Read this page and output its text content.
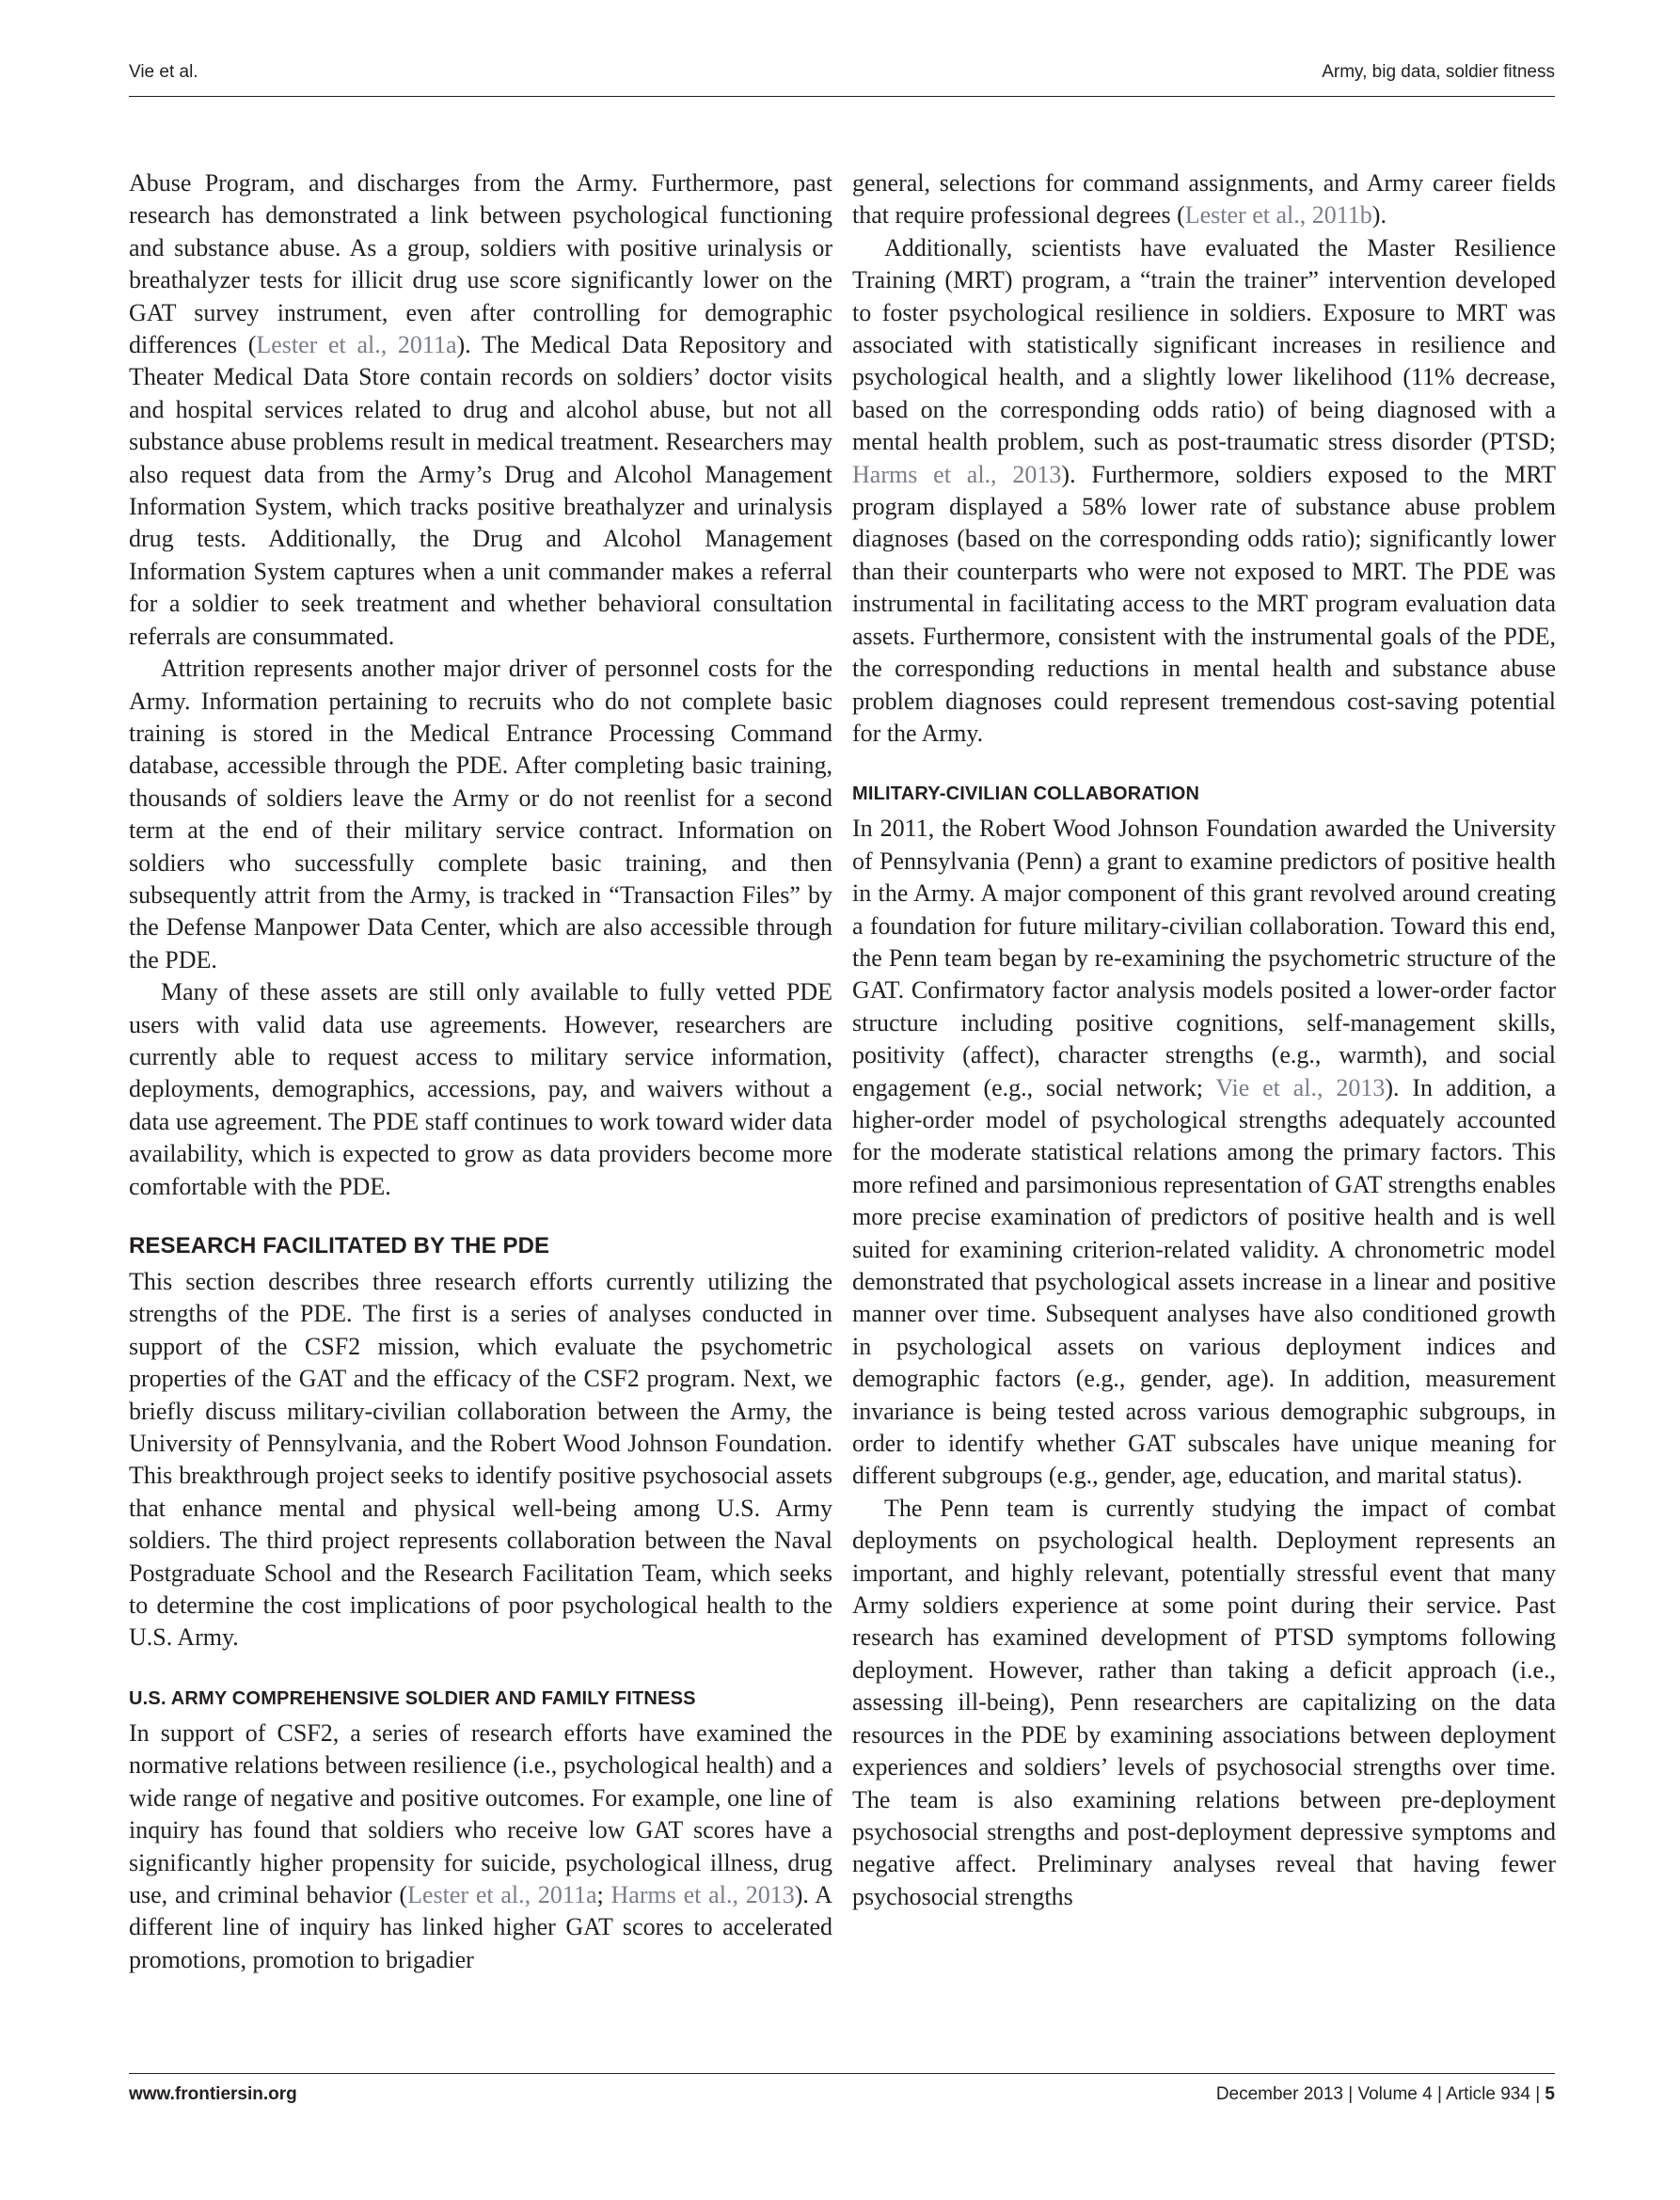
Vie et al.	Army, big data, soldier fitness

Abuse Program, and discharges from the Army. Furthermore, past research has demonstrated a link between psychological functioning and substance abuse. As a group, soldiers with positive urinalysis or breathalyzer tests for illicit drug use score significantly lower on the GAT survey instrument, even after controlling for demographic differences (Lester et al., 2011a). The Medical Data Repository and Theater Medical Data Store contain records on soldiers’ doctor visits and hospital services related to drug and alcohol abuse, but not all substance abuse problems result in medical treatment. Researchers may also request data from the Army’s Drug and Alcohol Management Information System, which tracks positive breathalyzer and urinalysis drug tests. Additionally, the Drug and Alcohol Management Information System captures when a unit commander makes a referral for a soldier to seek treatment and whether behavioral consultation referrals are consummated.

Attrition represents another major driver of personnel costs for the Army. Information pertaining to recruits who do not complete basic training is stored in the Medical Entrance Processing Command database, accessible through the PDE. After completing basic training, thousands of soldiers leave the Army or do not reenlist for a second term at the end of their military service contract. Information on soldiers who successfully complete basic training, and then subsequently attrit from the Army, is tracked in “Transaction Files” by the Defense Manpower Data Center, which are also accessible through the PDE.

Many of these assets are still only available to fully vetted PDE users with valid data use agreements. However, researchers are currently able to request access to military service information, deployments, demographics, accessions, pay, and waivers without a data use agreement. The PDE staff continues to work toward wider data availability, which is expected to grow as data providers become more comfortable with the PDE.

RESEARCH FACILITATED BY THE PDE

This section describes three research efforts currently utilizing the strengths of the PDE. The first is a series of analyses conducted in support of the CSF2 mission, which evaluate the psychometric properties of the GAT and the efficacy of the CSF2 program. Next, we briefly discuss military-civilian collaboration between the Army, the University of Pennsylvania, and the Robert Wood Johnson Foundation. This breakthrough project seeks to identify positive psychosocial assets that enhance mental and physical well-being among U.S. Army soldiers. The third project represents collaboration between the Naval Postgraduate School and the Research Facilitation Team, which seeks to determine the cost implications of poor psychological health to the U.S. Army.

U.S. ARMY COMPREHENSIVE SOLDIER AND FAMILY FITNESS

In support of CSF2, a series of research efforts have examined the normative relations between resilience (i.e., psychological health) and a wide range of negative and positive outcomes. For example, one line of inquiry has found that soldiers who receive low GAT scores have a significantly higher propensity for suicide, psychological illness, drug use, and criminal behavior (Lester et al., 2011a; Harms et al., 2013). A different line of inquiry has linked higher GAT scores to accelerated promotions, promotion to brigadier

general, selections for command assignments, and Army career fields that require professional degrees (Lester et al., 2011b).

Additionally, scientists have evaluated the Master Resilience Training (MRT) program, a “train the trainer” intervention developed to foster psychological resilience in soldiers. Exposure to MRT was associated with statistically significant increases in resilience and psychological health, and a slightly lower likelihood (11% decrease, based on the corresponding odds ratio) of being diagnosed with a mental health problem, such as post-traumatic stress disorder (PTSD; Harms et al., 2013). Furthermore, soldiers exposed to the MRT program displayed a 58% lower rate of substance abuse problem diagnoses (based on the corresponding odds ratio); significantly lower than their counterparts who were not exposed to MRT. The PDE was instrumental in facilitating access to the MRT program evaluation data assets. Furthermore, consistent with the instrumental goals of the PDE, the corresponding reductions in mental health and substance abuse problem diagnoses could represent tremendous cost-saving potential for the Army.

MILITARY-CIVILIAN COLLABORATION

In 2011, the Robert Wood Johnson Foundation awarded the University of Pennsylvania (Penn) a grant to examine predictors of positive health in the Army. A major component of this grant revolved around creating a foundation for future military-civilian collaboration. Toward this end, the Penn team began by re-examining the psychometric structure of the GAT. Confirmatory factor analysis models posited a lower-order factor structure including positive cognitions, self-management skills, positivity (affect), character strengths (e.g., warmth), and social engagement (e.g., social network; Vie et al., 2013). In addition, a higher-order model of psychological strengths adequately accounted for the moderate statistical relations among the primary factors. This more refined and parsimonious representation of GAT strengths enables more precise examination of predictors of positive health and is well suited for examining criterion-related validity. A chronometric model demonstrated that psychological assets increase in a linear and positive manner over time. Subsequent analyses have also conditioned growth in psychological assets on various deployment indices and demographic factors (e.g., gender, age). In addition, measurement invariance is being tested across various demographic subgroups, in order to identify whether GAT subscales have unique meaning for different subgroups (e.g., gender, age, education, and marital status).

The Penn team is currently studying the impact of combat deployments on psychological health. Deployment represents an important, and highly relevant, potentially stressful event that many Army soldiers experience at some point during their service. Past research has examined development of PTSD symptoms following deployment. However, rather than taking a deficit approach (i.e., assessing ill-being), Penn researchers are capitalizing on the data resources in the PDE by examining associations between deployment experiences and soldiers’ levels of psychosocial strengths over time. The team is also examining relations between pre-deployment psychosocial strengths and post-deployment depressive symptoms and negative affect. Preliminary analyses reveal that having fewer psychosocial strengths

www.frontiersin.org	December 2013 | Volume 4 | Article 934 | 5
